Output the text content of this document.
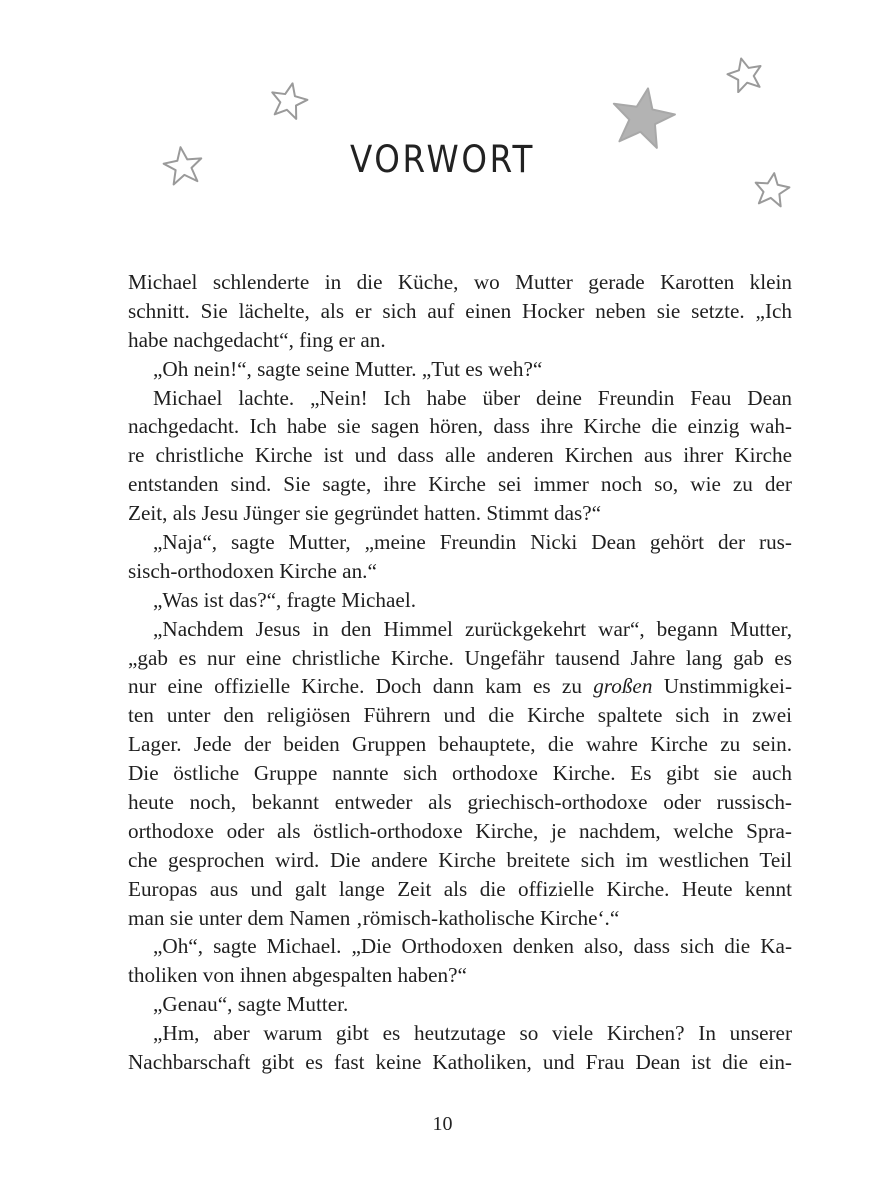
VORWORT
Michael schlenderte in die Küche, wo Mutter gerade Karotten klein
schnitt. Sie lächelte, als er sich auf einen Hocker neben sie setzte. „Ich
habe nachgedacht“, fing er an.
„Oh nein!“, sagte seine Mutter. „Tut es weh?“
Michael lachte. „Nein! Ich habe über deine Freundin Feau Dean
nachgedacht. Ich habe sie sagen hören, dass ihre Kirche die einzig wah-
re christliche Kirche ist und dass alle anderen Kirchen aus ihrer Kirche
entstanden sind. Sie sagte, ihre Kirche sei immer noch so, wie zu der
Zeit, als Jesu Jünger sie gegründet hatten. Stimmt das?“
„Naja“, sagte Mutter, „meine Freundin Nicki Dean gehört der rus-
sisch-orthodoxen Kirche an.“
„Was ist das?“, fragte Michael.
„Nachdem Jesus in den Himmel zurückgekehrt war“, begann Mutter,
„gab es nur eine christliche Kirche. Ungefähr tausend Jahre lang gab es
nur eine offizielle Kirche. Doch dann kam es zu großen Unstimmigkei-
ten unter den religiösen Führern und die Kirche spaltete sich in zwei
Lager. Jede der beiden Gruppen behauptete, die wahre Kirche zu sein.
Die östliche Gruppe nannte sich orthodoxe Kirche. Es gibt sie auch
heute noch, bekannt entweder als griechisch-orthodoxe oder russisch-
orthodoxe oder als östlich-orthodoxe Kirche, je nachdem, welche Spra-
che gesprochen wird. Die andere Kirche breitete sich im westlichen Teil
Europas aus und galt lange Zeit als die offizielle Kirche. Heute kennt
man sie unter dem Namen ‚römisch-katholische Kirche‘.“
„Oh“, sagte Michael. „Die Orthodoxen denken also, dass sich die Ka-
tholiken von ihnen abgespalten haben?“
„Genau“, sagte Mutter.
„Hm, aber warum gibt es heutzutage so viele Kirchen? In unserer
Nachbarschaft gibt es fast keine Katholiken, und Frau Dean ist die ein-
10
